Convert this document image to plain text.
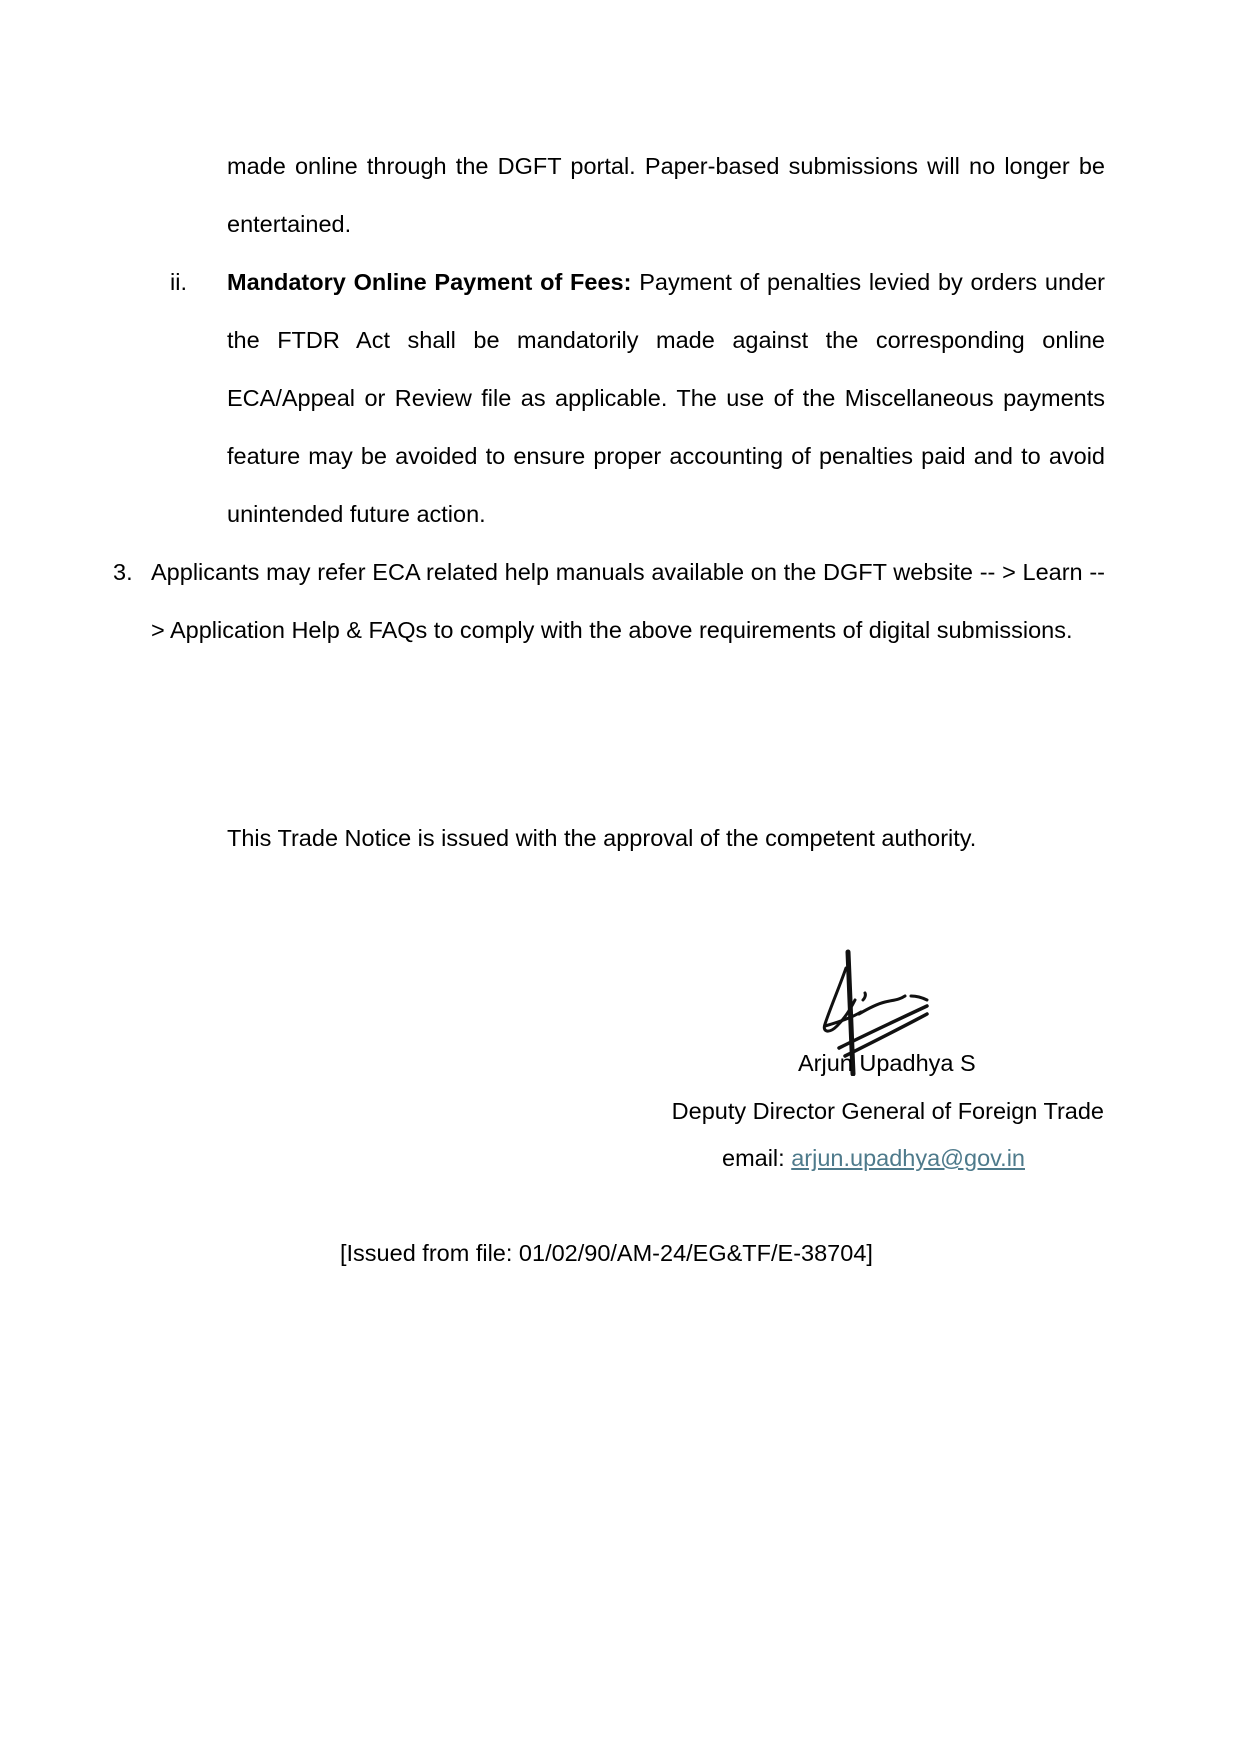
made online through the DGFT portal. Paper-based submissions will no longer be entertained.

ii. Mandatory Online Payment of Fees: Payment of penalties levied by orders under the FTDR Act shall be mandatorily made against the corresponding online ECA/Appeal or Review file as applicable. The use of the Miscellaneous payments feature may be avoided to ensure proper accounting of penalties paid and to avoid unintended future action.

3. Applicants may refer ECA related help manuals available on the DGFT website -- > Learn -- > Application Help & FAQs to comply with the above requirements of digital submissions.

This Trade Notice is issued with the approval of the competent authority.
Arjun Upadhya S
Deputy Director General of Foreign Trade
email: arjun.upadhya@gov.in
[Issued from file: 01/02/90/AM-24/EG&TF/E-38704]
